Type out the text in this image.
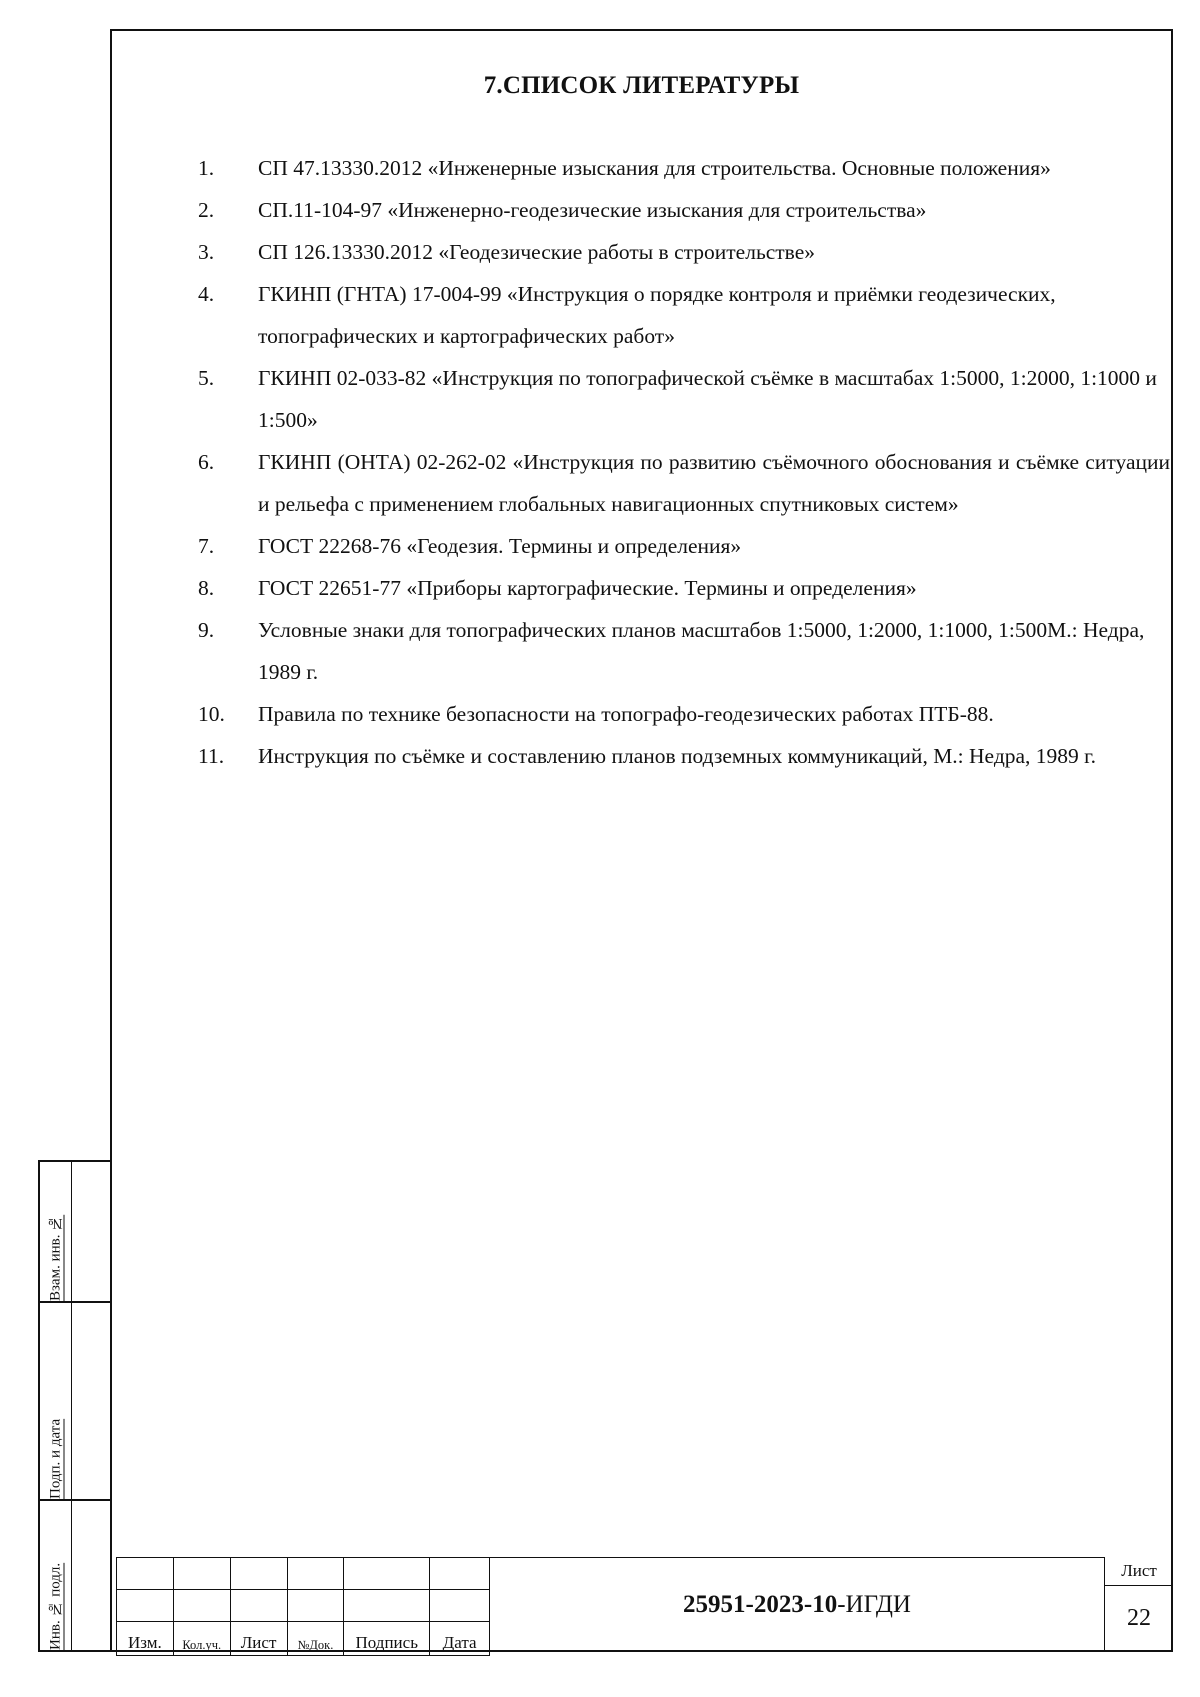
7.СПИСОК ЛИТЕРАТУРЫ
1.	СП 47.13330.2012 «Инженерные изыскания для строительства. Основные положения»
2.	СП.11-104-97 «Инженерно-геодезические изыскания для строительства»
3.	СП 126.13330.2012 «Геодезические работы в строительстве»
4.	ГКИНП (ГНТА) 17-004-99 «Инструкция о порядке контроля и приёмки геодезических, топографических и картографических работ»
5.	ГКИНП 02-033-82 «Инструкция по топографической съёмке в масштабах 1:5000, 1:2000, 1:1000 и 1:500»
6.	ГКИНП (ОНТА) 02-262-02 «Инструкция по развитию съёмочного обоснования и съёмке ситуации и рельефа с применением глобальных навигационных спутниковых систем»
7.	ГОСТ 22268-76 «Геодезия. Термины и определения»
8.	ГОСТ 22651-77 «Приборы картографические. Термины и определения»
9.	Условные знаки для топографических планов масштабов 1:5000, 1:2000, 1:1000, 1:500М.: Недра, 1989 г.
10.	Правила по технике безопасности на топографо-геодезических работах ПТБ-88.
11.	Инструкция по съёмке и составлению планов подземных коммуникаций, М.: Недра, 1989 г.
Взам. инв. №
Подп. и дата
Инв. № подл.

						Изм.	Кол.уч.	Лист	№Док.	Подпись	Дата
25951-2023-10 -ИГДИ
Лист
22
